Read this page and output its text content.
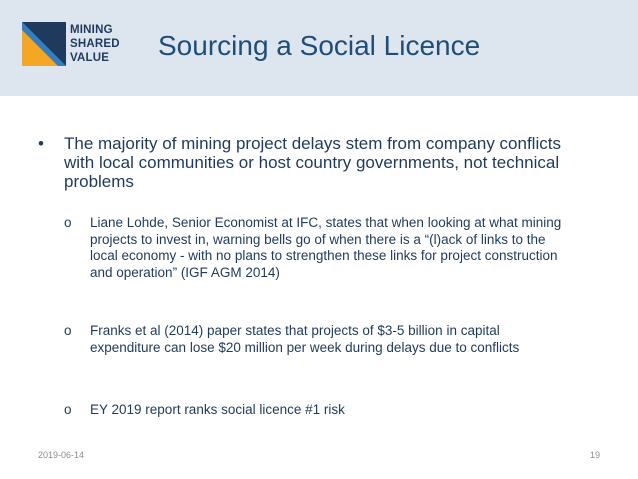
MINING
SHARED
VALUE	Sourcing a Social Licence
• The majority of mining project delays stem from company conflicts with local communities or host country governments, not technical problems
o Liane Lohde, Senior Economist at IFC, states that when looking at what mining projects to invest in, warning bells go of when there is a “(l)ack of links to the local economy - with no plans to strengthen these links for project construction and operation” (IGF AGM 2014)
o Franks et al (2014) paper states that projects of $3-5 billion in capital expenditure can lose $20 million per week during delays due to conflicts
o EY 2019 report ranks social licence #1 risk
2019-06-14	19
